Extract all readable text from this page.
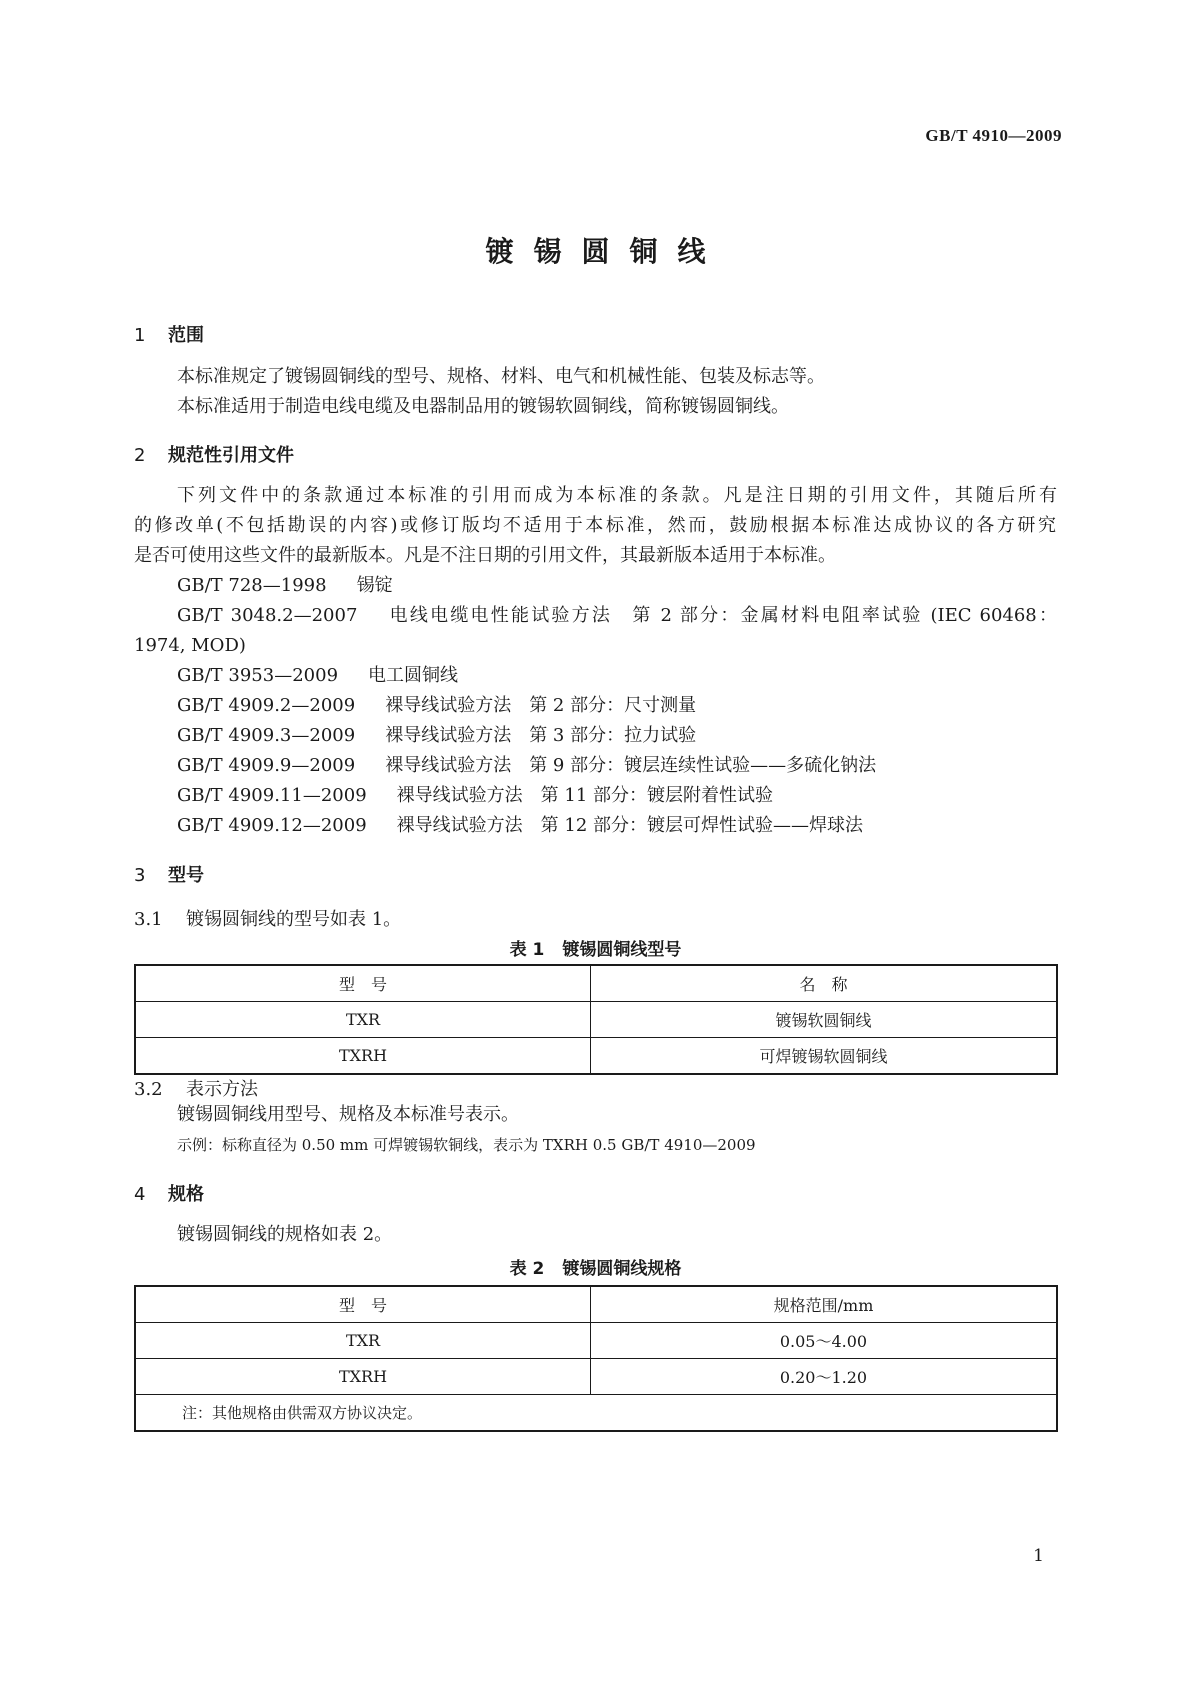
GB/T 4910—2009
镀锡圆铜线
1 范围
本标准规定了镀锡圆铜线的型号、规格、材料、电气和机械性能、包装及标志等。
本标准适用于制造电线电缆及电器制品用的镀锡软圆铜线，简称镀锡圆铜线。
2 规范性引用文件
下列文件中的条款通过本标准的引用而成为本标准的条款。凡是注日期的引用文件，其随后所有
的修改单(不包括勘误的内容)或修订版均不适用于本标准，然而，鼓励根据本标准达成协议的各方研究
是否可使用这些文件的最新版本。凡是不注日期的引用文件，其最新版本适用于本标准。
GB/T 728—1998 锡锭
GB/T 3048.2—2007 电线电缆电性能试验方法　第 2 部分：金属材料电阻率试验 (IEC 60468：
1974, MOD)
GB/T 3953—2009 电工圆铜线
GB/T 4909.2—2009 裸导线试验方法　第 2 部分：尺寸测量
GB/T 4909.3—2009 裸导线试验方法　第 3 部分：拉力试验
GB/T 4909.9—2009 裸导线试验方法　第 9 部分：镀层连续性试验——多硫化钠法
GB/T 4909.11—2009 裸导线试验方法　第 11 部分：镀层附着性试验
GB/T 4909.12—2009 裸导线试验方法　第 12 部分：镀层可焊性试验——焊球法
3 型号
3.1 镀锡圆铜线的型号如表 1。
表 1 镀锡圆铜线型号
型　号	名　称
TXR	镀锡软圆铜线
TXRH	可焊镀锡软圆铜线
3.2 表示方法
镀锡圆铜线用型号、规格及本标准号表示。
示例：标称直径为 0.50 mm 可焊镀锡软铜线，表示为 TXRH 0.5 GB/T 4910—2009
4 规格
镀锡圆铜线的规格如表 2。
表 2 镀锡圆铜线规格
型　号	规格范围/mm
TXR	0.05～4.00
TXRH	0.20～1.20
注：其他规格由供需双方协议决定。	
1
